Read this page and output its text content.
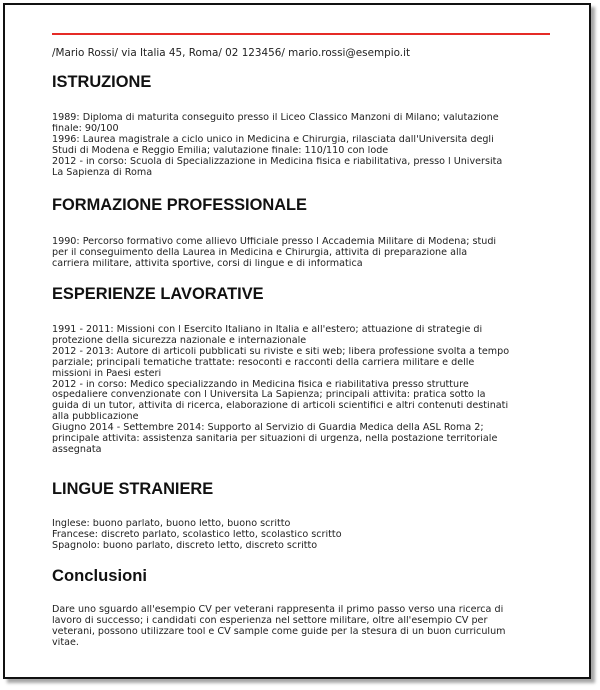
/Mario Rossi/ via Italia 45, Roma/ 02 123456/ mario.rossi@esempio.it
ISTRUZIONE
1989: Diploma di maturita conseguito presso il Liceo Classico Manzoni di Milano; valutazione
finale: 90/100
1996: Laurea magistrale a ciclo unico in Medicina e Chirurgia, rilasciata dall'Universita degli
Studi di Modena e Reggio Emilia; valutazione finale: 110/110 con lode
2012 - in corso: Scuola di Specializzazione in Medicina fisica e riabilitativa, presso l Universita
La Sapienza di Roma
FORMAZIONE PROFESSIONALE
1990: Percorso formativo come allievo Ufficiale presso l Accademia Militare di Modena; studi
per il conseguimento della Laurea in Medicina e Chirurgia, attivita di preparazione alla
carriera militare, attivita sportive, corsi di lingue e di informatica
ESPERIENZE LAVORATIVE
1991 - 2011: Missioni con l Esercito Italiano in Italia e all'estero; attuazione di strategie di
protezione della sicurezza nazionale e internazionale
2012 - 2013: Autore di articoli pubblicati su riviste e siti web; libera professione svolta a tempo
parziale; principali tematiche trattate: resoconti e racconti della carriera militare e delle
missioni in Paesi esteri
2012 - in corso: Medico specializzando in Medicina fisica e riabilitativa presso strutture
ospedaliere convenzionate con l Universita La Sapienza; principali attivita: pratica sotto la
guida di un tutor, attivita di ricerca, elaborazione di articoli scientifici e altri contenuti destinati
alla pubblicazione
Giugno 2014 - Settembre 2014: Supporto al Servizio di Guardia Medica della ASL Roma 2;
principale attivita: assistenza sanitaria per situazioni di urgenza, nella postazione territoriale
assegnata
LINGUE STRANIERE
Inglese: buono parlato, buono letto, buono scritto
Francese: discreto parlato, scolastico letto, scolastico scritto
Spagnolo: buono parlato, discreto letto, discreto scritto
Conclusioni
Dare uno sguardo all'esempio CV per veterani rappresenta il primo passo verso una ricerca di
lavoro di successo; i candidati con esperienza nel settore militare, oltre all'esempio CV per
veterani, possono utilizzare tool e CV sample come guide per la stesura di un buon curriculum
vitae.
